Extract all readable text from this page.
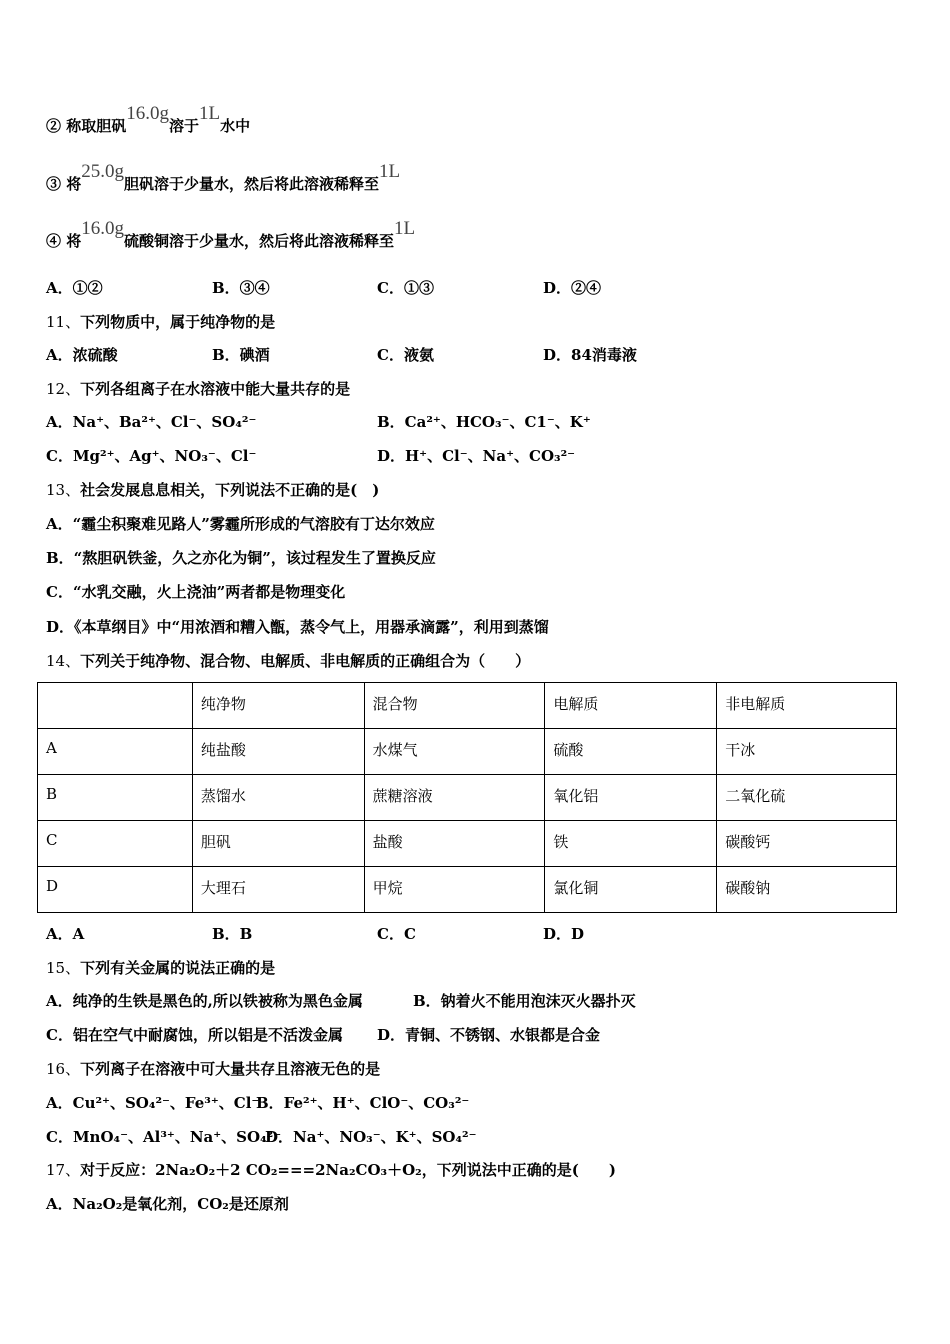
② 称取胆矾16.0g溶于1L水中
③ 将25.0g胆矾溶于少量水，然后将此溶液稀释至1L
④ 将16.0g硫酸铜溶于少量水，然后将此溶液稀释至1L
A．①②	B．③④	C．①③	D．②④
11、下列物质中，属于纯净物的是
A．浓硫酸	B．碘酒	C．液氨	D．84消毒液
12、下列各组离子在水溶液中能大量共存的是
A．Na⁺、Ba²⁺、Cl⁻、SO₄²⁻	B．Ca²⁺、HCO₃⁻、C1⁻、K⁺
C．Mg²⁺、Ag⁺、NO₃⁻、Cl⁻	D．H⁺、Cl⁻、Na⁺、CO₃²⁻
13、社会发展息息相关，下列说法不正确的是(　)
A．“霾尘积聚难见路人”雾霾所形成的气溶胶有丁达尔效应
B．“熬胆矾铁釜，久之亦化为铜”，该过程发生了置换反应
C．“水乳交融，火上浇油”两者都是物理变化
D．《本草纲目》中“用浓酒和糟入甑，蒸令气上，用器承滴露”，利用到蒸馏
14、下列关于纯净物、混合物、电解质、非电解质的正确组合为（　　）
	纯净物	混合物	电解质	非电解质
A	纯盐酸	水煤气	硫酸	干冰
B	蒸馏水	蔗糖溶液	氧化铝	二氧化硫
C	胆矾	盐酸	铁	碳酸钙
D	大理石	甲烷	氯化铜	碳酸钠
A．A	B．B	C．C	D．D
15、下列有关金属的说法正确的是
A．纯净的生铁是黑色的,所以铁被称为黑色金属	B．钠着火不能用泡沫灭火器扑灭
C．铝在空气中耐腐蚀，所以铝是不活泼金属 D．青铜、不锈钢、水银都是合金
16、下列离子在溶液中可大量共存且溶液无色的是
A．Cu²⁺、SO₄²⁻、Fe³⁺、Cl⁻
B．Fe²⁺、H⁺、ClO⁻、CO₃²⁻
C．MnO₄⁻、Al³⁺、Na⁺、SO₄²⁻
D．Na⁺、NO₃⁻、K⁺、SO₄²⁻
17、对于反应：2Na₂O₂＋2 CO₂===2Na₂CO₃＋O₂，下列说法中正确的是(　　)
A．Na₂O₂是氧化剂，CO₂是还原剂
